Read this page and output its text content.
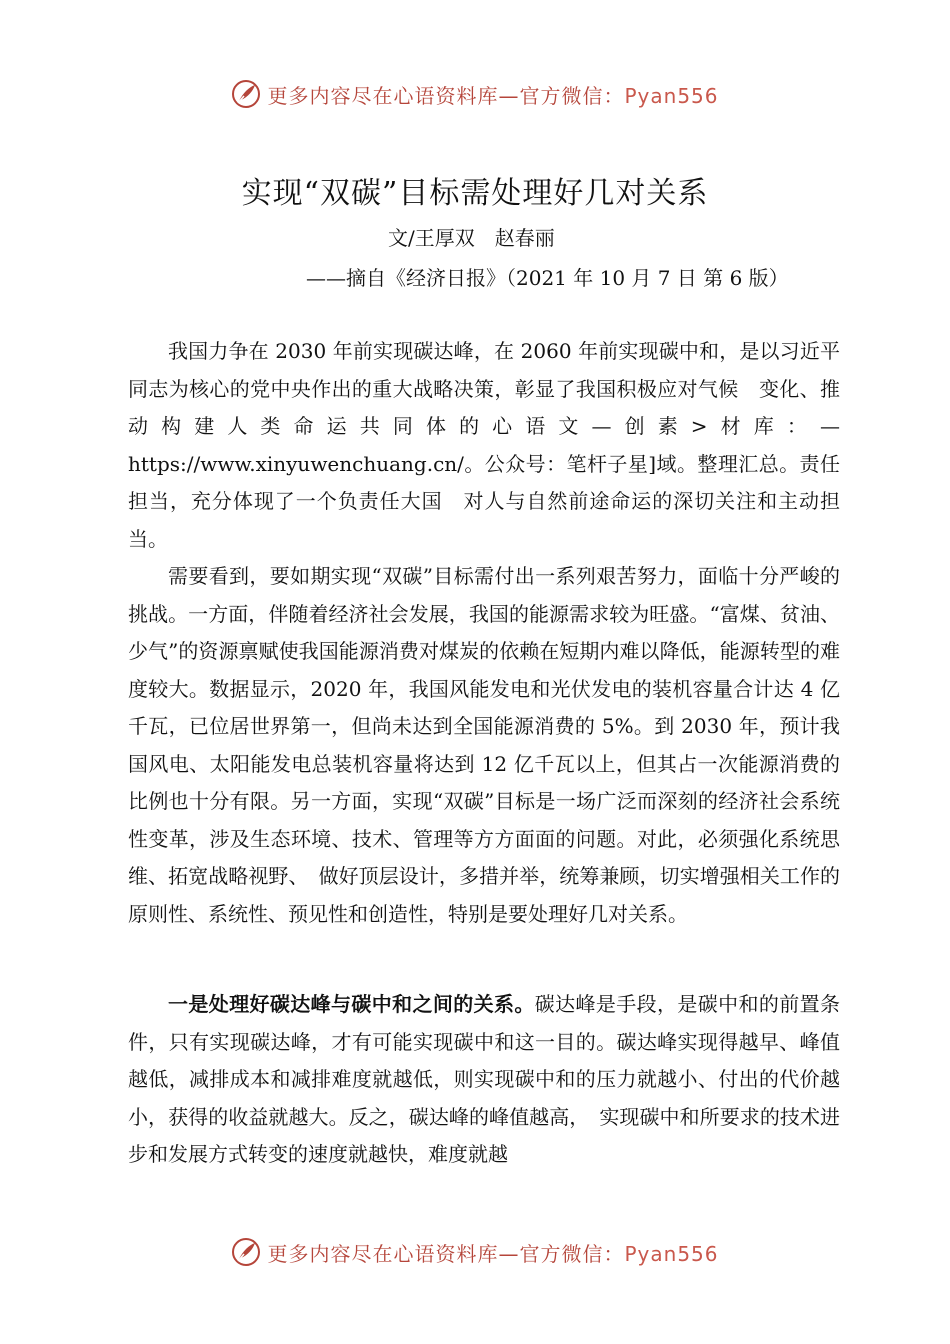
更多内容尽在心语资料库—官方微信：Pyan556
实现“双碳”目标需处理好几对关系
文/王厚双　赵春丽
——摘自《经济日报》（2021 年 10 月 7 日 第 6 版）

我国力争在 2030 年前实现碳达峰，在 2060 年前实现碳中和，是以习近平同志为核心的党中央作出的重大战略决策，彰显了我国积极应对气候　变化、推动构建人类命运共同体的心语文—创素>材库：—https://www.xinyuwenchuang.cn/。公众号：笔杆子星]域。整理汇总。责任担当，充分体现了一个负责任大国　对人与自然前途命运的深切关注和主动担当。

需要看到，要如期实现“双碳”目标需付出一系列艰苦努力，面临十分严峻的挑战。一方面，伴随着经济社会发展，我国的能源需求较为旺盛。“富煤、贫油、少气”的资源禀赋使我国能源消费对煤炭的依赖在短期内难以降低，能源转型的难度较大。数据显示，2020 年，我国风能发电和光伏发电的装机容量合计达 4 亿千瓦，已位居世界第一，但尚未达到全国能源消费的 5%。到 2030 年，预计我国风电、太阳能发电总装机容量将达到 12 亿千瓦以上，但其占一次能源消费的比例也十分有限。另一方面，实现“双碳”目标是一场广泛而深刻的经济社会系统性变革，涉及生态环境、技术、管理等方方面面的问题。对此，必须强化系统思维、拓宽战略视野、　做好顶层设计，多措并举，统筹兼顾，切实增强相关工作的原则性、系统性、预见性和创造性，特别是要处理好几对关系。

一是处理好碳达峰与碳中和之间的关系。碳达峰是手段，是碳中和的前置条件，只有实现碳达峰，才有可能实现碳中和这一目的。碳达峰实现得越早、峰值越低，减排成本和减排难度就越低，则实现碳中和的压力就越小、付出的代价越小，获得的收益就越大。反之，碳达峰的峰值越高，　实现碳中和所要求的技术进步和发展方式转变的速度就越快，难度就越

更多内容尽在心语资料库—官方微信：Pyan556
